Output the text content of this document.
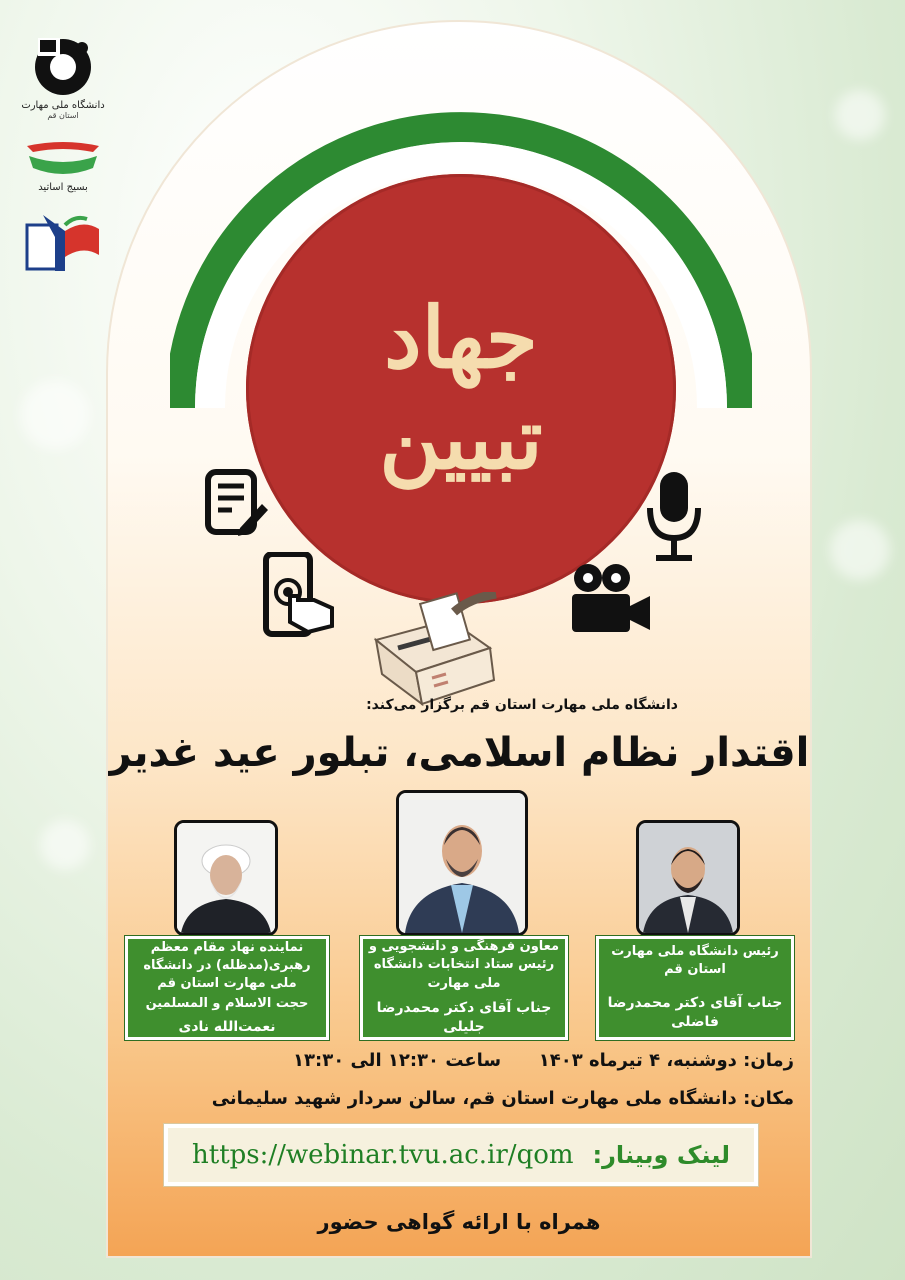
دانشگاه ملی مهارت
استان قم
بسیج اساتید
جهاد تبیین
دانشگاه ملی مهارت استان قم برگزار می‌کند:
اقتدار نظام اسلامی، تبلور عید غدیر
نماینده نهاد مقام معظم رهبری(مدظله) در دانشگاه ملی مهارت استان قم
حجت الاسلام و المسلمین
نعمت‌الله نادی
معاون فرهنگی و دانشجویی و رئیس ستاد انتخابات دانشگاه ملی مهارت
جناب آقای دکتر محمدرضا جلیلی
رئیس دانشگاه ملی مهارت استان قم
جناب آقای دکتر محمدرضا فاضلی
زمان: دوشنبه، ۴ تیرماه ۱۴۰۳      ساعت ۱۲:۳۰ الی ۱۳:۳۰
مکان: دانشگاه ملی مهارت استان قم، سالن سردار شهید سلیمانی
لینک وبینار:
https://webinar.tvu.ac.ir/qom
همراه با ارائه گواهی حضور
